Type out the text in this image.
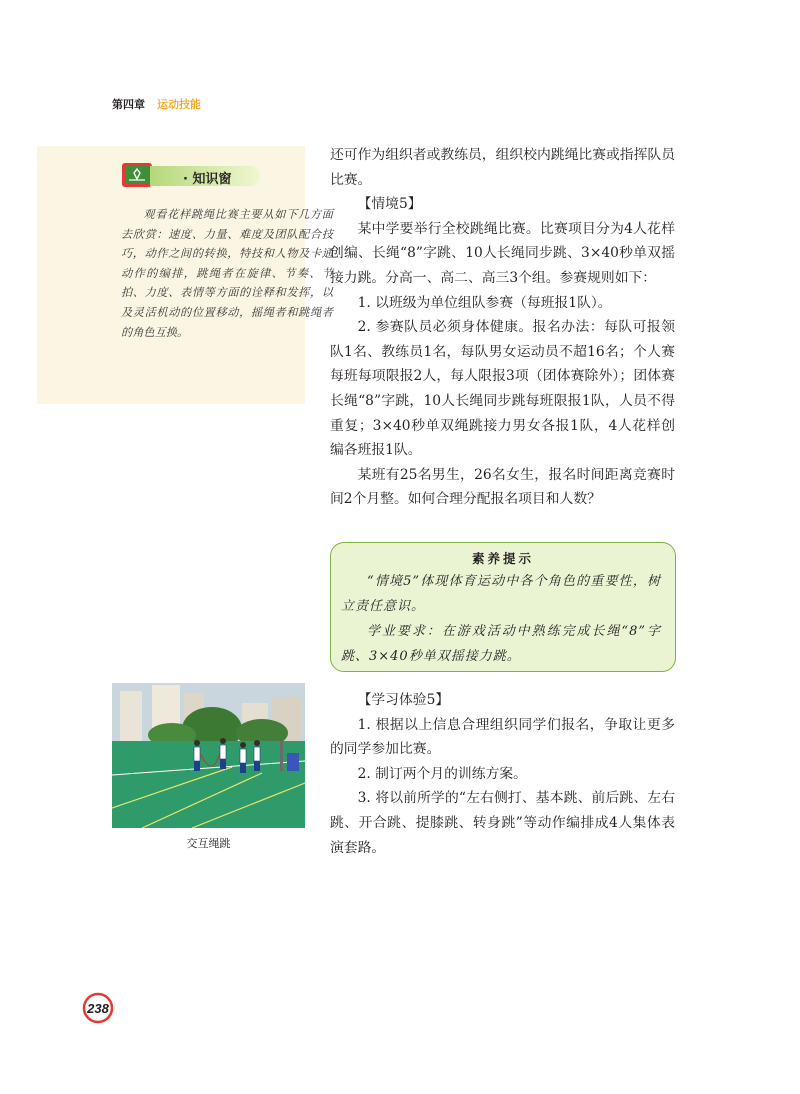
第四章 运动技能
· 知识窗
观看花样跳绳比赛主要从如下几方面去欣赏：速度、力量、难度及团队配合技巧，动作之间的转换，特技和人物及卡通动作的编排，跳绳者在旋律、节奏、节拍、力度、表情等方面的诠释和发挥，以及灵活机动的位置移动，摇绳者和跳绳者的角色互换。

还可作为组织者或教练员，组织校内跳绳比赛或指挥队员比赛。

【情境5】

某中学要举行全校跳绳比赛。比赛项目分为4人花样创编、长绳“8”字跳、10人长绳同步跳、3×40秒单双摇接力跳。分高一、高二、高三3个组。参赛规则如下：

1. 以班级为单位组队参赛（每班报1队）。

2. 参赛队员必须身体健康。报名办法：每队可报领队1名、教练员1名，每队男女运动员不超16名；个人赛每班每项限报2人，每人限报3项（团体赛除外）；团体赛长绳“8”字跳，10人长绳同步跳每班限报1队，人员不得重复；3×40秒单双绳跳接力男女各报1队，4人花样创编各班报1队。

某班有25名男生，26名女生，报名时间距离竞赛时间2个月整。如何合理分配报名项目和人数？

素养提示

“情境5”体现体育运动中各个角色的重要性，树立责任意识。

学业要求：在游戏活动中熟练完成长绳“8”字跳、3×40秒单双摇接力跳。

交互绳跳

【学习体验5】

1. 根据以上信息合理组织同学们报名，争取让更多的同学参加比赛。

2. 制订两个月的训练方案。

3. 将以前所学的“左右侧打、基本跳、前后跳、左右跳、开合跳、提膝跳、转身跳”等动作编排成4人集体表演套路。

238
